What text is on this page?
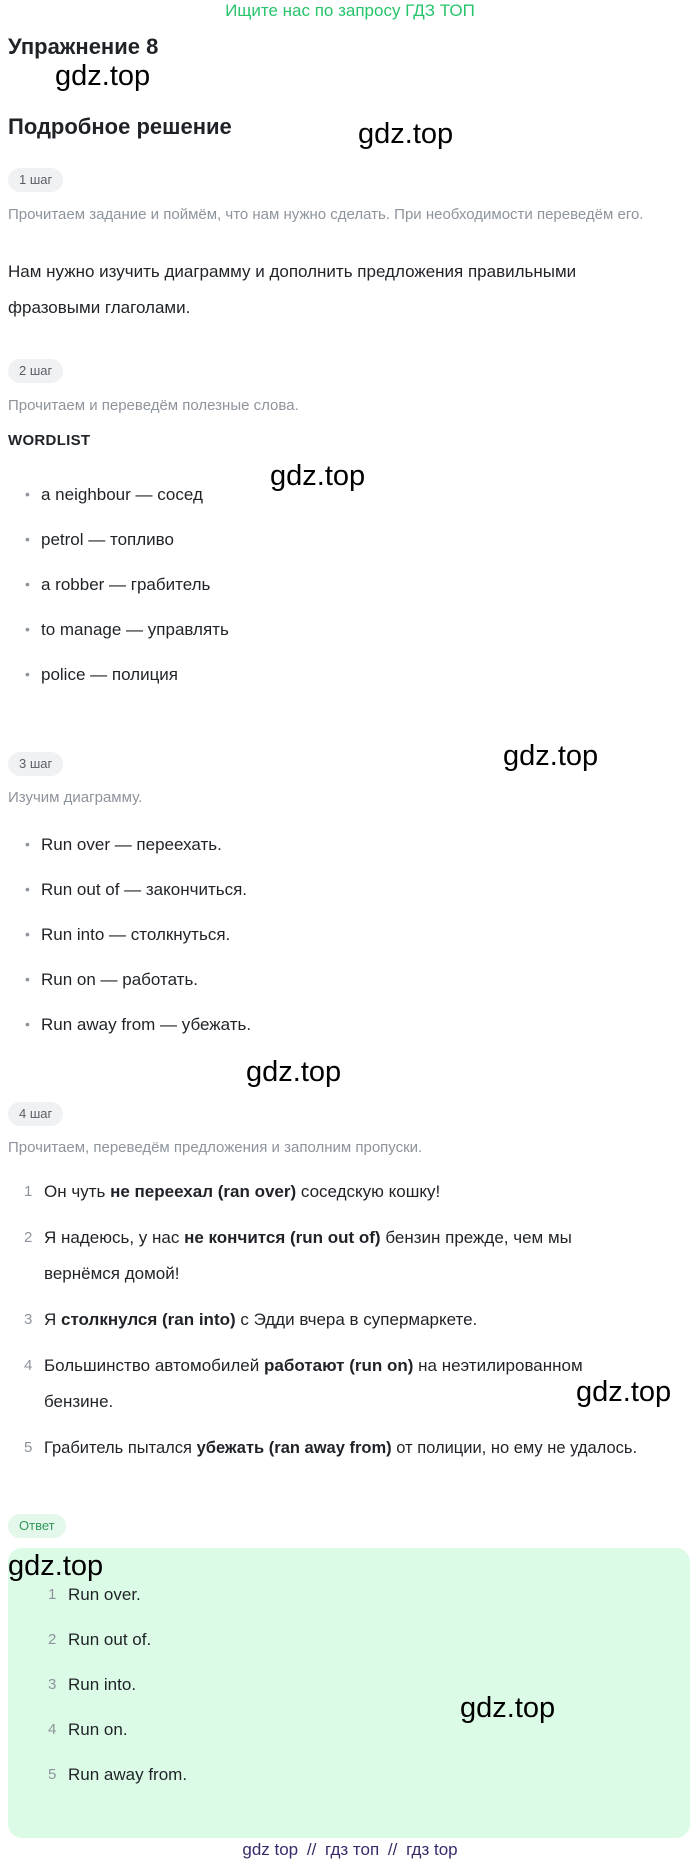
Ищите нас по запросу ГДЗ ТОП
Упражнение 8
gdz.top
Подробное решение	gdz.top
1 шаг
Прочитаем задание и поймём, что нам нужно сделать. При необходимости переведём его.
Нам нужно изучить диаграмму и дополнить предложения правильными фразовыми глаголами.
2 шаг
Прочитаем и переведём полезные слова.
WORDLIST
gdz.top
• a neighbour — сосед
• petrol — топливо
• a robber — грабитель
• to manage — управлять
• police — полиция
3 шаг	gdz.top
Изучим диаграмму.
• Run over — переехать.
• Run out of — закончиться.
• Run into — столкнуться.
• Run on — работать.
• Run away from — убежать.
gdz.top
4 шаг
Прочитаем, переведём предложения и заполним пропуски.
1 Он чуть не переехал (ran over) соседскую кошку!
2 Я надеюсь, у нас не кончится (run out of) бензин прежде, чем мы вернёмся домой!
3 Я столкнулся (ran into) с Эдди вчера в супермаркете.
4 Большинство автомобилей работают (run on) на неэтилированном бензине.
5 Грабитель пытался убежать (ran away from) от полиции, но ему не удалось.
gdz.top
Ответ
gdz.top
gdz.top
1 Run over.
2 Run out of.
3 Run into.
4 Run on.
5 Run away from.
gdz top // гдз топ // гдз top
